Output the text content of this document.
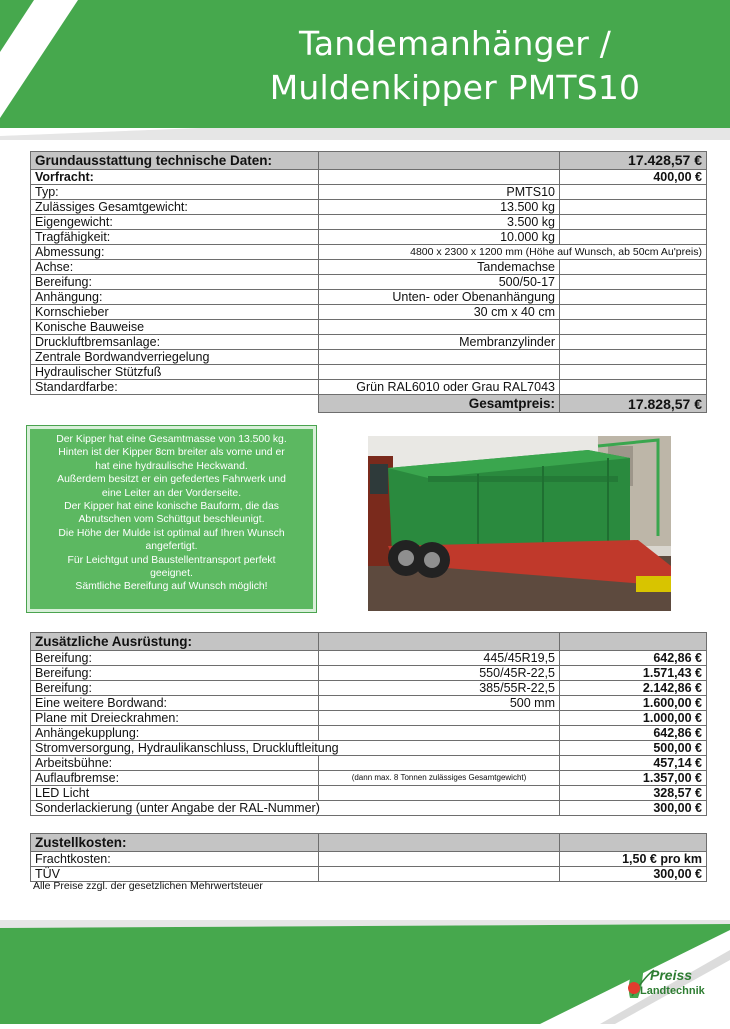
Tandemanhänger /
Muldenkipper PMTS10
Grundausstattung technische Daten:		17.428,57 €
Vorfracht:		400,00 €
Typ:	PMTS10	
Zulässiges Gesamtgewicht:	13.500 kg	
Eigengewicht:	3.500 kg	
Tragfähigkeit:	10.000 kg	
Abmessung:	4800 x 2300 x 1200 mm (Höhe auf Wunsch, ab 50cm Au'preis)	
Achse:	Tandemachse	
Bereifung:	500/50-17	
Anhängung:	Unten- oder Obenanhängung	
Kornschieber	30 cm x 40 cm	
Konische Bauweise		
Druckluftbremsanlage:	Membranzylinder	
Zentrale Bordwandverriegelung		
Hydraulischer Stützfuß		
Standardfarbe:	Grün RAL6010 oder Grau RAL7043	
	Gesamtpreis:	17.828,57 €

Der Kipper hat eine Gesamtmasse von 13.500 kg.

Hinten ist der Kipper 8cm breiter als vorne und er

hat eine hydraulische Heckwand.

Außerdem besitzt er ein gefedertes Fahrwerk und

eine Leiter an der Vorderseite.

Der Kipper hat eine konische Bauform, die das

Abrutschen vom Schüttgut beschleunigt.

Die Höhe der Mulde ist optimal auf Ihren Wunsch

angefertigt.

Für Leichtgut und Baustellentransport perfekt

geeignet.

Sämtliche Bereifung auf Wunsch möglich!

Zusätzliche Ausrüstung:		
Bereifung:	445/45R19,5	642,86 €
Bereifung:	550/45R-22,5	1.571,43 €
Bereifung:	385/55R-22,5	2.142,86 €
Eine weitere Bordwand:	500 mm	1.600,00 €
Plane mit Dreieckrahmen:		1.000,00 €
Anhängekupplung:		642,86 €
Stromversorgung, Hydraulikanschluss, Druckluftleitung		500,00 €
Arbeitsbühne:		457,14 €
Auflaufbremse:	(dann max. 8 Tonnen zulässiges Gesamtgewicht)	1.357,00 €
LED Licht		328,57 €
Sonderlackierung (unter Angabe der RAL-Nummer)		300,00 €
Zustellkosten:		
Frachtkosten:		1,50 € pro km
TÜV		300,00 €
Alle Preise zzgl. der gesetzlichen Mehrwertsteuer
Preiss
Landtechnik
